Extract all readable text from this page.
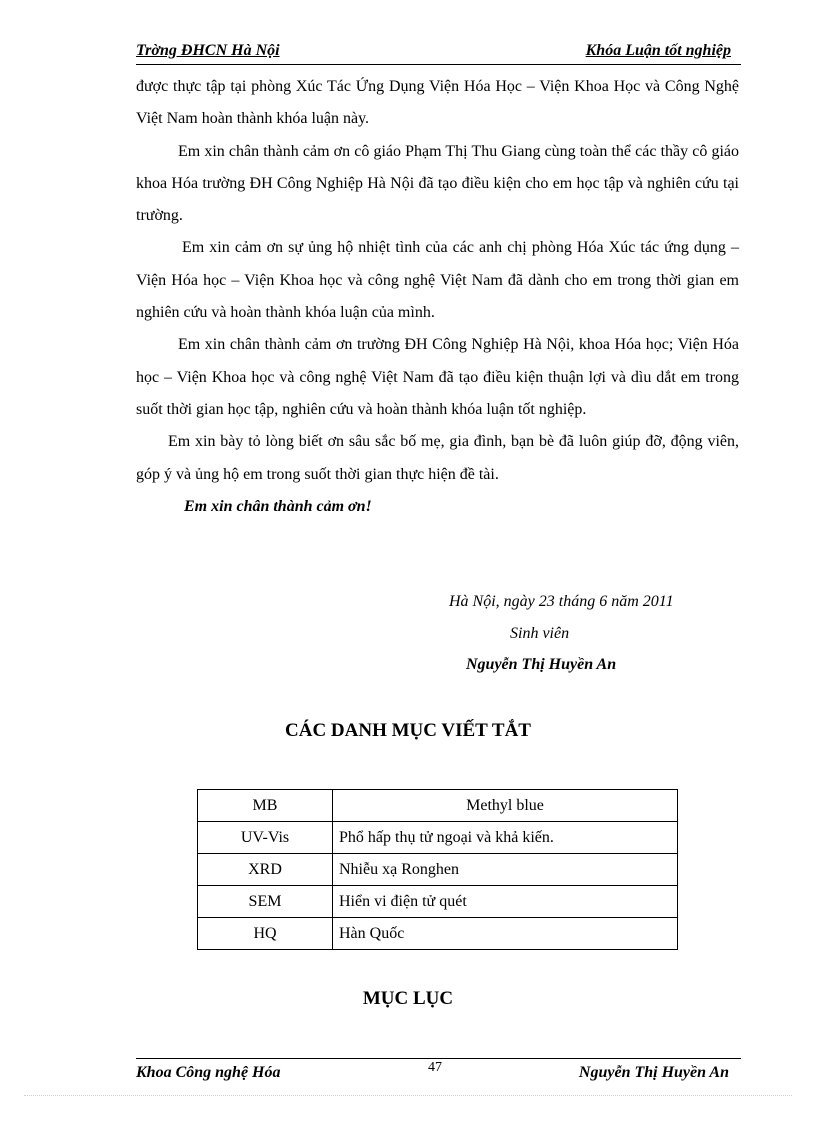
Trờng ĐHCN Hà Nội	Khóa Luận tốt nghiệp

được thực tập tại phòng Xúc Tác Ứng Dụng Viện Hóa Học – Viện Khoa Học và Công Nghệ Việt Nam hoàn thành khóa luận này.

Em xin chân thành cảm ơn cô giáo Phạm Thị Thu Giang cùng toàn thể các thầy cô giáo khoa Hóa trường ĐH Công Nghiệp Hà Nội đã tạo điều kiện cho em học tập và nghiên cứu tại trường.

Em xin cảm ơn sự ủng hộ nhiệt tình của các anh chị phòng Hóa Xúc tác ứng dụng – Viện Hóa học – Viện Khoa học và công nghệ Việt Nam đã dành cho em trong thời gian em nghiên cứu và hoàn thành khóa luận của mình.

Em xin chân thành cảm ơn trường ĐH Công Nghiệp Hà Nội, khoa Hóa học; Viện Hóa học – Viện Khoa học và công nghệ Việt Nam đã tạo điều kiện thuận lợi và dìu dắt em trong suốt thời gian học tập, nghiên cứu và hoàn thành khóa luận tốt nghiệp.

Em xin bày tỏ lòng biết ơn sâu sắc bố mẹ, gia đình, bạn bè đã luôn giúp đỡ, động viên, góp ý và ủng hộ em trong suốt thời gian thực hiện đề tài.

Em xin chân thành cảm ơn!
Hà Nội, ngày 23 tháng 6 năm 2011
Sinh viên
Nguyễn Thị Huyền An
CÁC DANH MỤC VIẾT TẮT
MB	Methyl blue
UV-Vis	Phổ hấp thụ tử ngoại và khả kiến.
XRD	Nhiễu xạ Ronghen
SEM	Hiển vi điện tử quét
HQ	Hàn Quốc
MỤC LỤC
Khoa Công nghệ Hóa	47	Nguyễn Thị Huyền An
